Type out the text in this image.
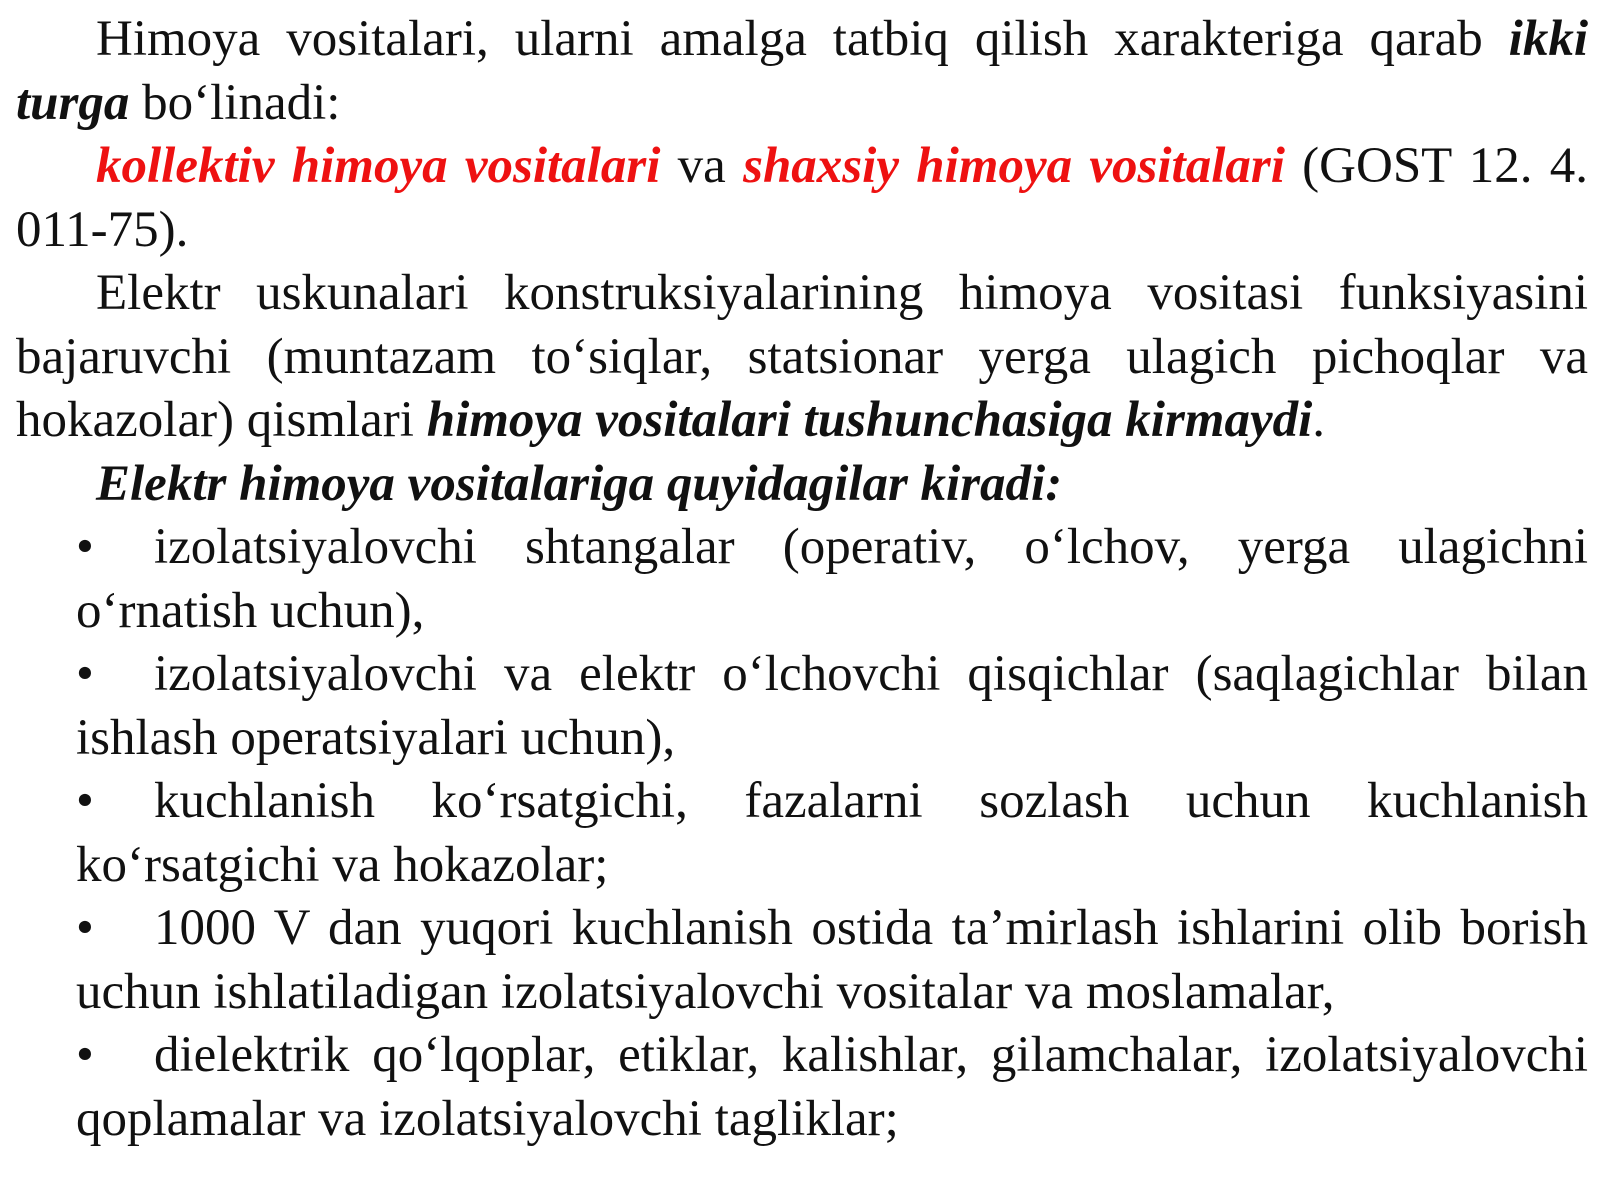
Himoya vositalari, ularni amalga tatbiq qilish xarakteriga qarab ikki turga bo‘linadi:

kollektiv himoya vositalari va shaxsiy himoya vositalari (GOST 12. 4. 011-75).

Elektr uskunalari konstruksiyalarining himoya vositasi funksiyasini bajaruvchi (muntazam to‘siqlar, statsionar yerga ulagich pichoqlar va hokazolar) qismlari himoya vositalari tushunchasiga kirmaydi.

Elektr himoya vositalariga quyidagilar kiradi:

• izolatsiyalovchi shtangalar (operativ, o‘lchov, yerga ulagichni o‘rnatish uchun),
• izolatsiyalovchi va elektr o‘lchovchi qisqichlar (saqlagichlar bilan ishlash operatsiyalari uchun),
• kuchlanish ko‘rsatgichi, fazalarni sozlash uchun kuchlanish ko‘rsatgichi va hokazolar;
• 1000 V dan yuqori kuchlanish ostida ta’mirlash ishlarini olib borish uchun ishlatiladigan izolatsiyalovchi vositalar va moslamalar,
• dielektrik qo‘lqoplar, etiklar, kalishlar, gilamchalar, izolatsiyalovchi qoplamalar va izolatsiyalovchi tagliklar;
